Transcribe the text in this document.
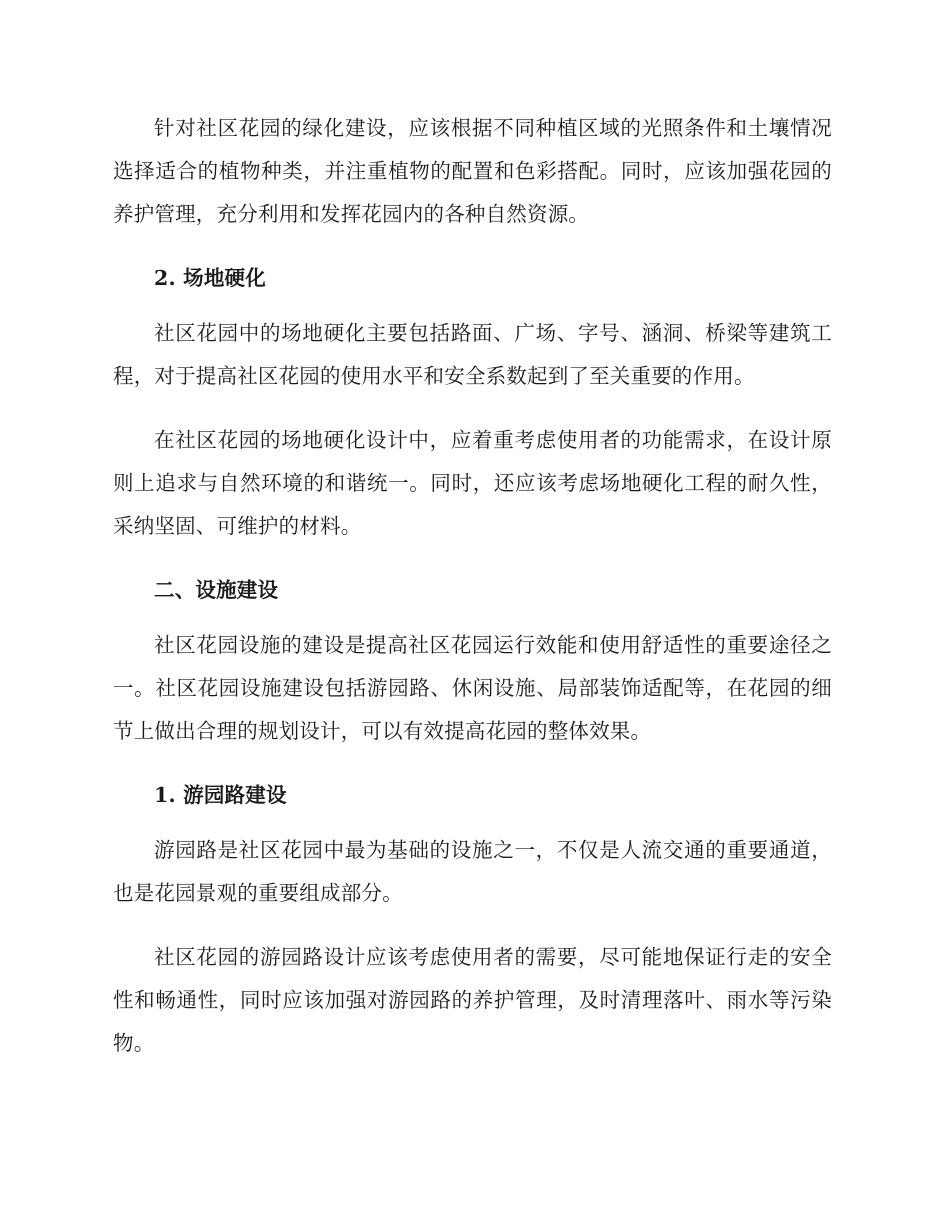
针对社区花园的绿化建设，应该根据不同种植区域的光照条件和土壤情况选择适合的植物种类，并注重植物的配置和色彩搭配。同时，应该加强花园的养护管理，充分利用和发挥花园内的各种自然资源。

2. 场地硬化

社区花园中的场地硬化主要包括路面、广场、字号、涵洞、桥梁等建筑工程，对于提高社区花园的使用水平和安全系数起到了至关重要的作用。

在社区花园的场地硬化设计中，应着重考虑使用者的功能需求，在设计原则上追求与自然环境的和谐统一。同时，还应该考虑场地硬化工程的耐久性，采纳坚固、可维护的材料。

二、设施建设

社区花园设施的建设是提高社区花园运行效能和使用舒适性的重要途径之一。社区花园设施建设包括游园路、休闲设施、局部装饰适配等，在花园的细节上做出合理的规划设计，可以有效提高花园的整体效果。

1. 游园路建设

游园路是社区花园中最为基础的设施之一，不仅是人流交通的重要通道，也是花园景观的重要组成部分。

社区花园的游园路设计应该考虑使用者的需要，尽可能地保证行走的安全性和畅通性，同时应该加强对游园路的养护管理，及时清理落叶、雨水等污染物。
